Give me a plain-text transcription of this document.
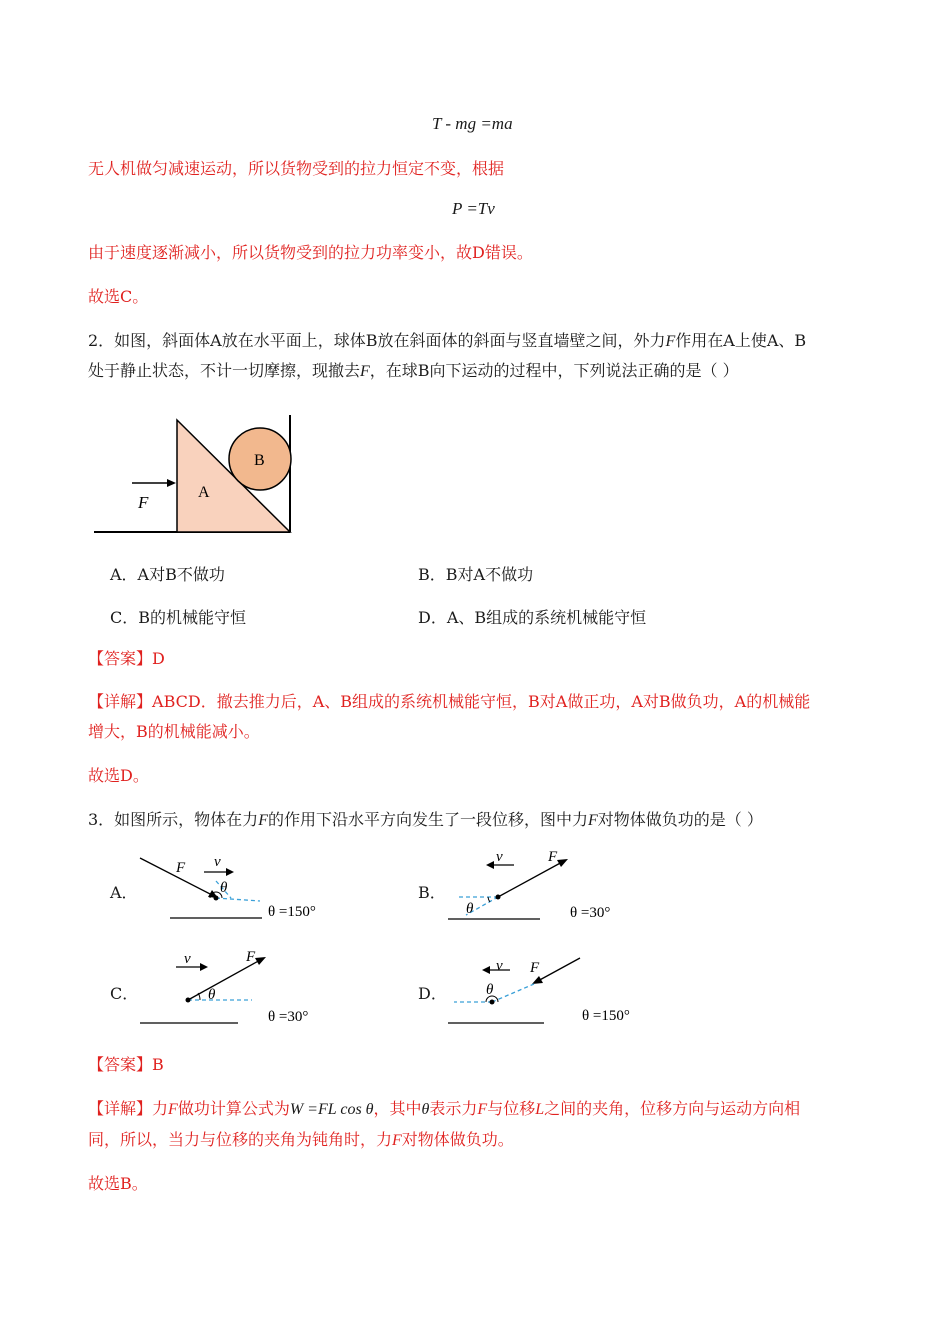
T - mg =ma
无人机做匀减速运动，所以货物受到的拉力恒定不变，根据
P =Tv
由于速度逐渐减小，所以货物受到的拉力功率变小，故D错误。
故选C。
2．如图，斜面体A放在水平面上，球体B放在斜面体的斜面与竖直墙壁之间，外力F作用在A上使A、B
处于静止状态，不计一切摩擦，现撤去F，在球B向下运动的过程中，下列说法正确的是（ ）
A
B
F
A．A对B不做功	B．B对A不做功
C．B的机械能守恒	D．A、B组成的系统机械能守恒
【答案】D
【详解】ABCD．撤去推力后，A、B组成的系统机械能守恒，B对A做正功，A对B做负功，A的机械能
增大，B的机械能减小。
故选D。
3．如图所示，物体在力F的作用下沿水平方向发生了一段位移，图中力F对物体做负功的是（ ）
A．
F v
θ
θ =150°
B．
F
v
θ	θ =30°
C．
F
v
θ
θ =30°
D．
F
v
θ
θ =150°
【答案】B
【详解】力F做功计算公式为W =FL cos θ，其中θ表示力F与位移L之间的夹角，位移方向与运动方向相
同，所以，当力与位移的夹角为钝角时，力F对物体做负功。
故选B。
